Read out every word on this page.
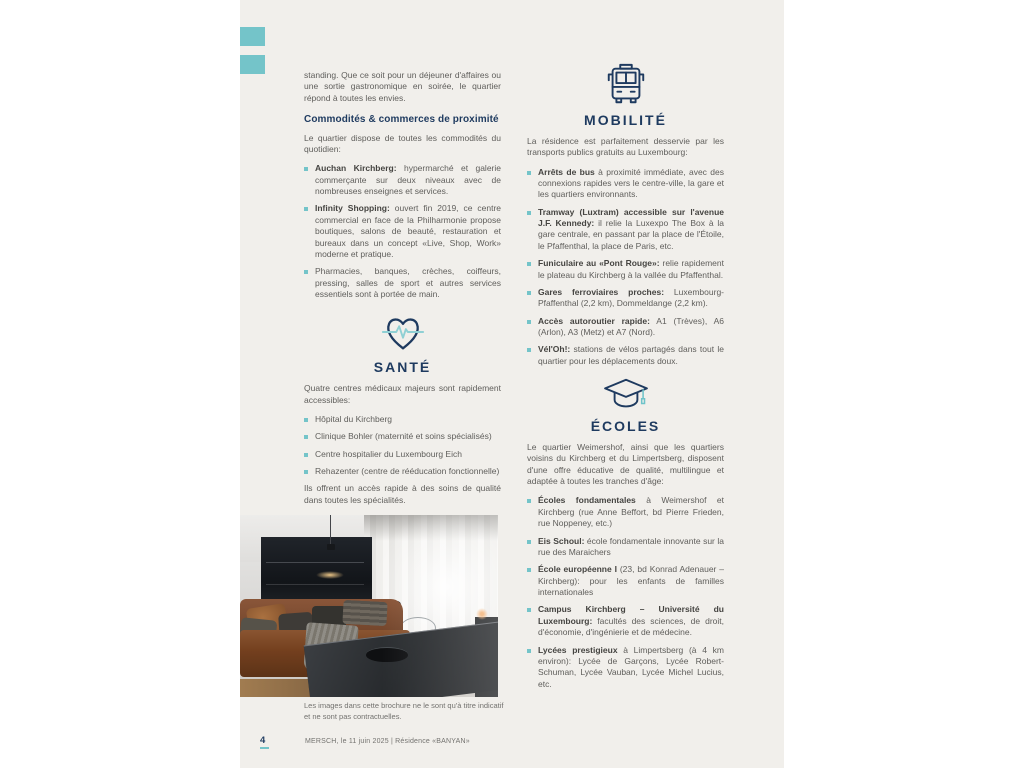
standing. Que ce soit pour un déjeuner d'affaires ou une sortie gastronomique en soirée, le quartier répond à toutes les envies.

Commodités & commerces de proximité

Le quartier dispose de toutes les commodités du quotidien:

Auchan Kirchberg: hypermarché et galerie commerçante sur deux niveaux avec de nombreuses enseignes et services.
Infinity Shopping: ouvert fin 2019, ce centre commercial en face de la Philharmonie propose boutiques, salons de beauté, restauration et bureaux dans un concept «Live, Shop, Work» moderne et pratique.
Pharmacies, banques, crèches, coiffeurs, pressing, salles de sport et autres services essentiels sont à portée de main.
SANTÉ

Quatre centres médicaux majeurs sont rapidement accessibles:

Hôpital du Kirchberg
Clinique Bohler (maternité et soins spécialisés)
Centre hospitalier du Luxembourg Eich
Rehazenter (centre de rééducation fonctionnelle)

Ils offrent un accès rapide à des soins de qualité dans toutes les spécialités.

MOBILITÉ

La résidence est parfaitement desservie par les transports publics gratuits au Luxembourg:

Arrêts de bus à proximité immédiate, avec des connexions rapides vers le centre-ville, la gare et les quartiers environnants.
Tramway (Luxtram) accessible sur l'avenue J.F. Kennedy: il relie la Luxexpo The Box à la gare centrale, en passant par la place de l'Étoile, le Pfaffenthal, la place de Paris, etc.
Funiculaire au «Pont Rouge»: relie rapidement le plateau du Kirchberg à la vallée du Pfaffenthal.
Gares ferroviaires proches: Luxembourg-Pfaffenthal (2,2 km), Dommeldange (2,2 km).
Accès autoroutier rapide: A1 (Trèves), A6 (Arlon), A3 (Metz) et A7 (Nord).
Vél'Oh!: stations de vélos partagés dans tout le quartier pour les déplacements doux.
ÉCOLES

Le quartier Weimershof, ainsi que les quartiers voisins du Kirchberg et du Limpertsberg, disposent d'une offre éducative de qualité, multilingue et adaptée à toutes les tranches d'âge:

Écoles fondamentales à Weimershof et Kirchberg (rue Anne Beffort, bd Pierre Frieden, rue Noppeney, etc.)
Eis Schoul: école fondamentale innovante sur la rue des Maraichers
École européenne I (23, bd Konrad Adenauer – Kirchberg): pour les enfants de familles internationales
Campus Kirchberg – Université du Luxembourg: facultés des sciences, de droit, d'économie, d'ingénierie et de médecine.
Lycées prestigieux à Limpertsberg (à 4 km environ): Lycée de Garçons, Lycée Robert-Schuman, Lycée Vauban, Lycée Michel Lucius, etc.
Les images dans cette brochure ne le sont qu'à titre indicatif et ne sont pas contractuelles.
4	MERSCH, le 11 juin 2025 | Résidence «BANYAN»
